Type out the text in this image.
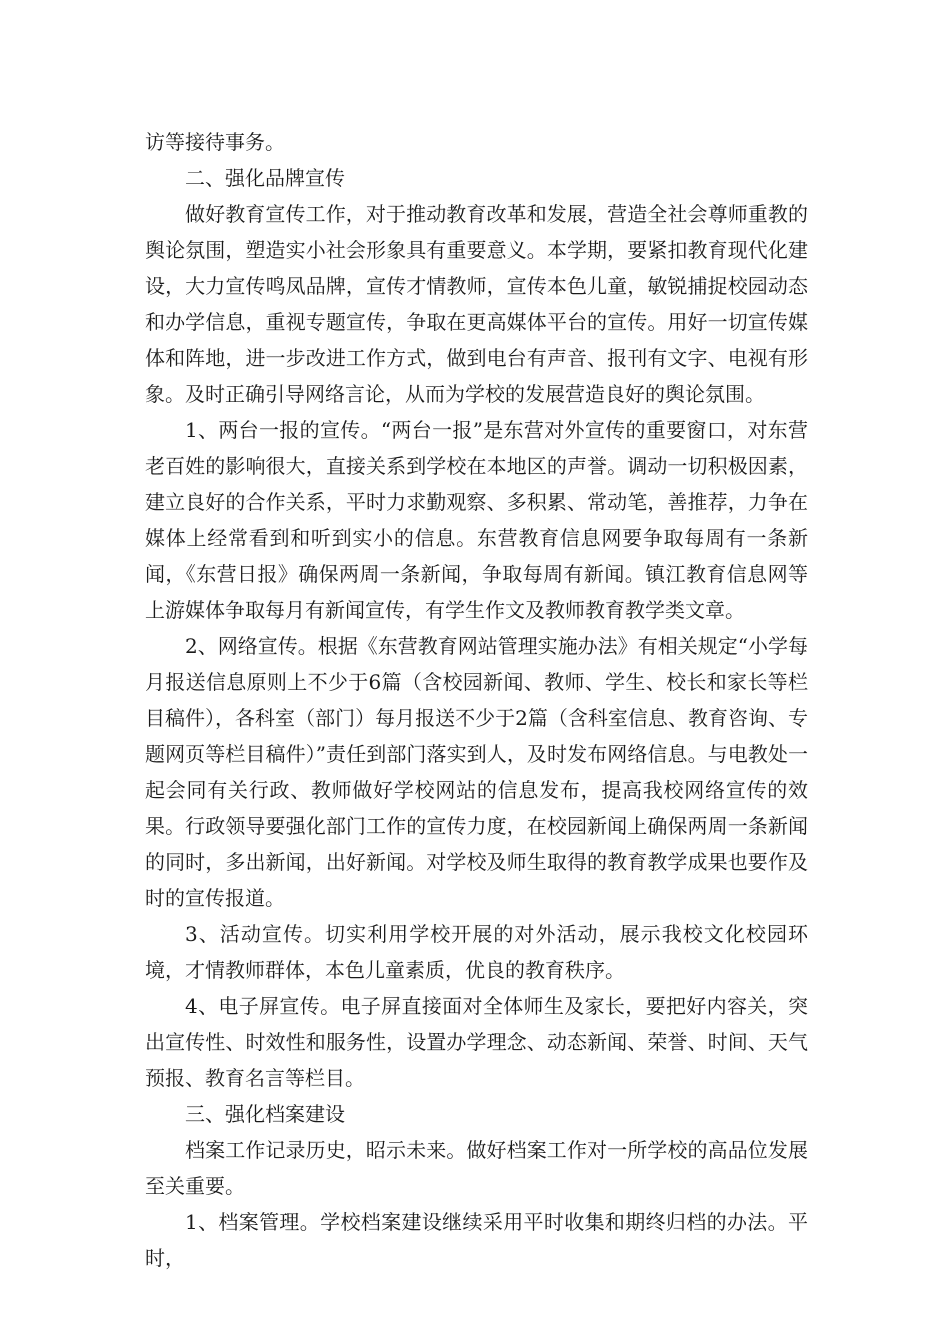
访等接待事务。

二、强化品牌宣传

做好教育宣传工作，对于推动教育改革和发展，营造全社会尊师重教的舆论氛围，塑造实小社会形象具有重要意义。本学期，要紧扣教育现代化建设，大力宣传鸣凤品牌，宣传才情教师，宣传本色儿童，敏锐捕捉校园动态和办学信息，重视专题宣传，争取在更高媒体平台的宣传。用好一切宣传媒体和阵地，进一步改进工作方式，做到电台有声音、报刊有文字、电视有形象。及时正确引导网络言论，从而为学校的发展营造良好的舆论氛围。

1、两台一报的宣传。“两台一报”是东营对外宣传的重要窗口，对东营老百姓的影响很大，直接关系到学校在本地区的声誉。调动一切积极因素，建立良好的合作关系，平时力求勤观察、多积累、常动笔，善推荐，力争在媒体上经常看到和听到实小的信息。东营教育信息网要争取每周有一条新闻，《东营日报》确保两周一条新闻，争取每周有新闻。镇江教育信息网等上游媒体争取每月有新闻宣传，有学生作文及教师教育教学类文章。

2、网络宣传。根据《东营教育网站管理实施办法》有相关规定“小学每月报送信息原则上不少于6篇（含校园新闻、教师、学生、校长和家长等栏目稿件），各科室（部门）每月报送不少于2篇（含科室信息、教育咨询、专题网页等栏目稿件）”责任到部门落实到人，及时发布网络信息。与电教处一起会同有关行政、教师做好学校网站的信息发布，提高我校网络宣传的效果。行政领导要强化部门工作的宣传力度，在校园新闻上确保两周一条新闻的同时，多出新闻，出好新闻。对学校及师生取得的教育教学成果也要作及时的宣传报道。

3、活动宣传。切实利用学校开展的对外活动，展示我校文化校园环境，才情教师群体，本色儿童素质，优良的教育秩序。

4、电子屏宣传。电子屏直接面对全体师生及家长，要把好内容关，突出宣传性、时效性和服务性，设置办学理念、动态新闻、荣誉、时间、天气预报、教育名言等栏目。

三、强化档案建设

档案工作记录历史，昭示未来。做好档案工作对一所学校的高品位发展至关重要。

1、档案管理。学校档案建设继续采用平时收集和期终归档的办法。平时，
